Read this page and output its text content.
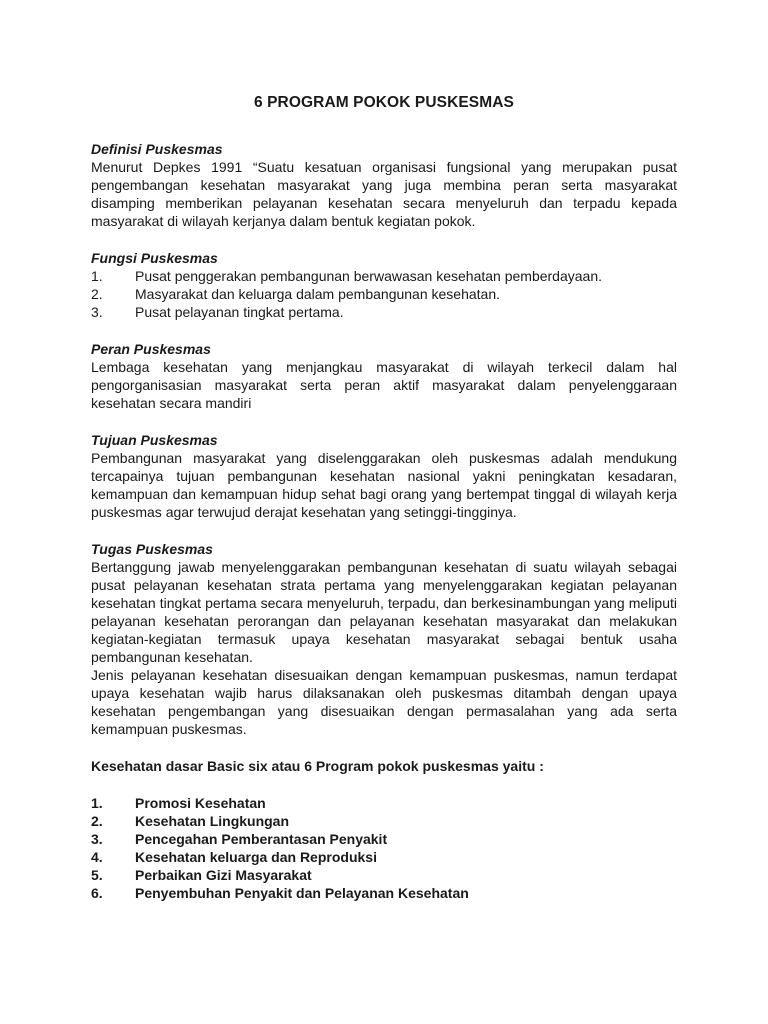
6 PROGRAM POKOK PUSKESMAS

Definisi Puskesmas

Menurut Depkes 1991 “Suatu kesatuan organisasi fungsional yang merupakan pusat pengembangan kesehatan masyarakat yang juga membina peran serta masyarakat disamping memberikan pelayanan kesehatan secara menyeluruh dan terpadu kepada masyarakat di wilayah kerjanya dalam bentuk kegiatan pokok.

Fungsi Puskesmas

1.	Pusat penggerakan pembangunan berwawasan kesehatan pemberdayaan.
2.	Masyarakat dan keluarga dalam pembangunan kesehatan.
3.	Pusat pelayanan tingkat pertama.

Peran Puskesmas

Lembaga kesehatan yang menjangkau masyarakat di wilayah terkecil dalam hal pengorganisasian masyarakat serta peran aktif masyarakat dalam penyelenggaraan kesehatan secara mandiri

Tujuan Puskesmas

Pembangunan masyarakat yang diselenggarakan oleh puskesmas adalah mendukung tercapainya tujuan pembangunan kesehatan nasional yakni peningkatan kesadaran, kemampuan dan kemampuan hidup sehat bagi orang yang bertempat tinggal di wilayah kerja puskesmas agar terwujud derajat kesehatan yang setinggi-tingginya.

Tugas Puskesmas

Bertanggung jawab menyelenggarakan pembangunan kesehatan di suatu wilayah sebagai pusat pelayanan kesehatan strata pertama yang menyelenggarakan kegiatan pelayanan kesehatan tingkat pertama secara menyeluruh, terpadu, dan berkesinambungan yang meliputi pelayanan kesehatan perorangan dan pelayanan kesehatan masyarakat dan melakukan kegiatan-kegiatan termasuk upaya kesehatan masyarakat sebagai bentuk usaha pembangunan kesehatan.

Jenis pelayanan kesehatan disesuaikan dengan kemampuan puskesmas, namun terdapat upaya kesehatan wajib harus dilaksanakan oleh puskesmas ditambah dengan upaya kesehatan pengembangan yang disesuaikan dengan permasalahan yang ada serta kemampuan puskesmas.

Kesehatan dasar Basic six atau 6 Program pokok puskesmas yaitu :

1.	Promosi Kesehatan
2.	Kesehatan Lingkungan
3.	Pencegahan Pemberantasan Penyakit
4.	Kesehatan keluarga dan Reproduksi
5.	Perbaikan Gizi Masyarakat
6.	Penyembuhan Penyakit dan Pelayanan Kesehatan
